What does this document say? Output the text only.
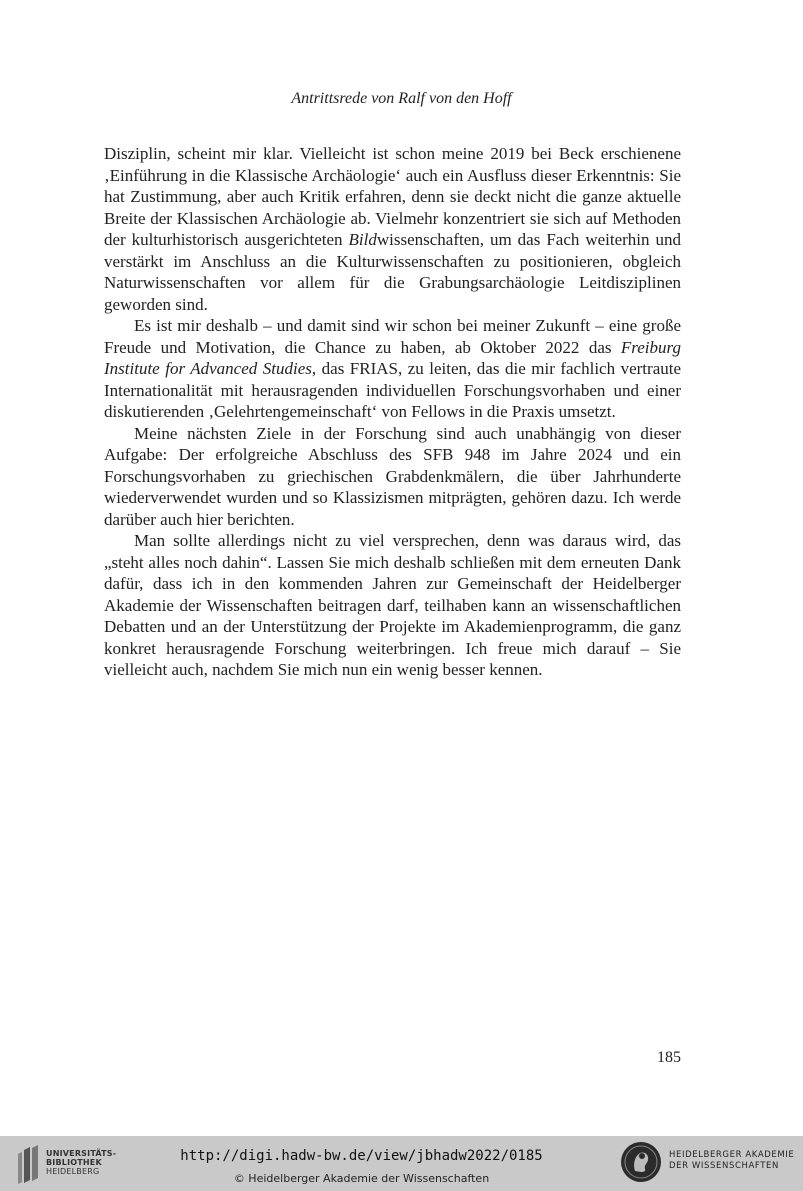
Antrittsrede von Ralf von den Hoff

Disziplin, scheint mir klar. Vielleicht ist schon meine 2019 bei Beck erschienene ‚Einführung in die Klassische Archäologie‘ auch ein Ausfluss dieser Erkenntnis: Sie hat Zustimmung, aber auch Kritik erfahren, denn sie deckt nicht die ganze aktuelle Breite der Klassischen Archäologie ab. Vielmehr konzentriert sie sich auf Methoden der kulturhistorisch ausgerichteten Bildwissenschaften, um das Fach weiterhin und verstärkt im Anschluss an die Kulturwissenschaften zu positionieren, obgleich Naturwissenschaften vor allem für die Grabungsarchäologie Leitdisziplinen geworden sind.

Es ist mir deshalb – und damit sind wir schon bei meiner Zukunft – eine große Freude und Motivation, die Chance zu haben, ab Oktober 2022 das Freiburg Institute for Advanced Studies, das FRIAS, zu leiten, das die mir fachlich vertraute Internationalität mit herausragenden individuellen Forschungsvorhaben und einer diskutierenden ‚Gelehrtengemeinschaft‘ von Fellows in die Praxis umsetzt.

Meine nächsten Ziele in der Forschung sind auch unabhängig von dieser Aufgabe: Der erfolgreiche Abschluss des SFB 948 im Jahre 2024 und ein Forschungsvorhaben zu griechischen Grabdenkmälern, die über Jahrhunderte wiederverwendet wurden und so Klassizismen mitprägten, gehören dazu. Ich werde darüber auch hier berichten.

Man sollte allerdings nicht zu viel versprechen, denn was daraus wird, das „steht alles noch dahin“. Lassen Sie mich deshalb schließen mit dem erneuten Dank dafür, dass ich in den kommenden Jahren zur Gemeinschaft der Heidelberger Akademie der Wissenschaften beitragen darf, teilhaben kann an wissenschaftlichen Debatten und an der Unterstützung der Projekte im Akademienprogramm, die ganz konkret herausragende Forschung weiterbringen. Ich freue mich darauf – Sie vielleicht auch, nachdem Sie mich nun ein wenig besser kennen.

185
UNIVERSITÄTS-
BIBLIOTHEK
HEIDELBERG
http://digi.hadw-bw.de/view/jbhadw2022/0185
© Heidelberger Akademie der Wissenschaften
HEIDELBERGER AKADEMIE
DER WISSENSCHAFTEN
